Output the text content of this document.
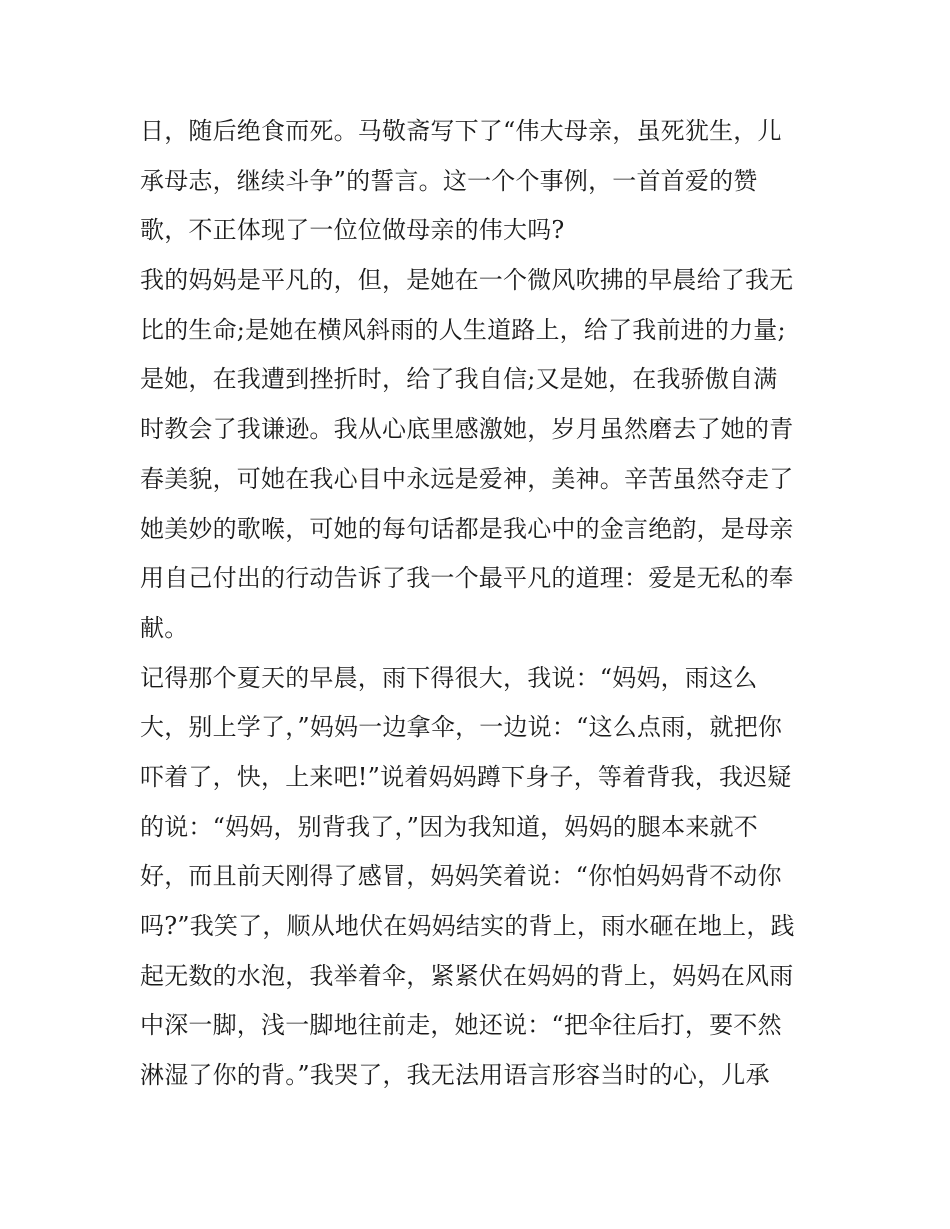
日，随后绝食而死。马敬斋写下了“伟大母亲，虽死犹生，儿
承母志，继续斗争”的誓言。这一个个事例，一首首爱的赞
歌，不正体现了一位位做母亲的伟大吗?
我的妈妈是平凡的，但，是她在一个微风吹拂的早晨给了我无
比的生命;是她在横风斜雨的人生道路上，给了我前进的力量;
是她，在我遭到挫折时，给了我自信;又是她，在我骄傲自满
时教会了我谦逊。我从心底里感激她，岁月虽然磨去了她的青
春美貌，可她在我心目中永远是爱神，美神。辛苦虽然夺走了
她美妙的歌喉，可她的每句话都是我心中的金言绝韵，是母亲
用自己付出的行动告诉了我一个最平凡的道理：爱是无私的奉
献。
记得那个夏天的早晨，雨下得很大，我说：“妈妈，雨这么
大，别上学了，”妈妈一边拿伞，一边说：“这么点雨，就把你
吓着了，快，上来吧!”说着妈妈蹲下身子，等着背我，我迟疑
的说：“妈妈，别背我了，”因为我知道，妈妈的腿本来就不
好，而且前天刚得了感冒，妈妈笑着说：“你怕妈妈背不动你
吗?”我笑了，顺从地伏在妈妈结实的背上，雨水砸在地上，践
起无数的水泡，我举着伞，紧紧伏在妈妈的背上，妈妈在风雨
中深一脚，浅一脚地往前走，她还说：“把伞往后打，要不然
淋湿了你的背。”我哭了，我无法用语言形容当时的心，儿承
